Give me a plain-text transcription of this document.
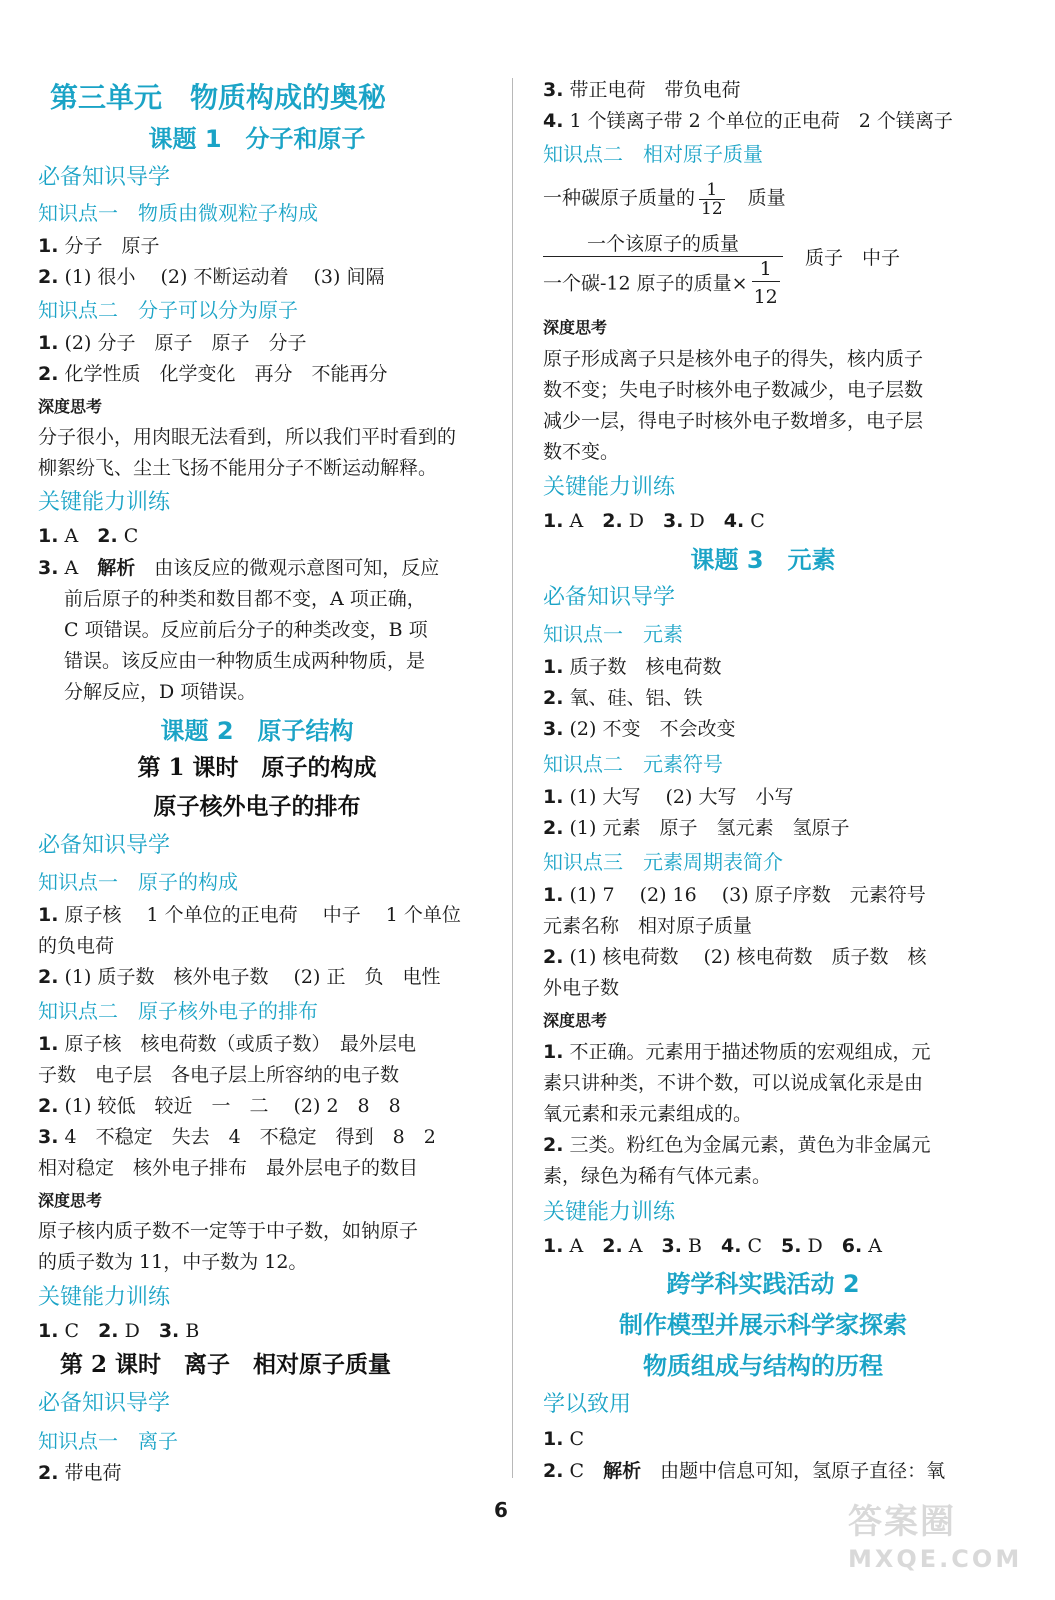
第三单元　物质构成的奥秘
课题 1　分子和原子
必备知识导学
知识点一　物质由微观粒子构成
1. 分子　原子
2. (1) 很小　 (2) 不断运动着　 (3) 间隔
知识点二　分子可以分为原子
1. (2) 分子　原子　原子　分子
2. 化学性质　化学变化　再分　不能再分
深度思考
分子很小，用肉眼无法看到，所以我们平时看到的
柳絮纷飞、尘土飞扬不能用分子不断运动解释。
关键能力训练
1. A　 2. C
3. A　 解析　 由该反应的微观示意图可知，反应
前后原子的种类和数目都不变，A 项正确，
C 项错误。反应前后分子的种类改变，B 项
错误。该反应由一种物质生成两种物质，是
分解反应，D 项错误。
课题 2　原子结构
第 1 课时　原子的构成
原子核外电子的排布
必备知识导学
知识点一　原子的构成
1. 原子核　 1 个单位的正电荷　 中子　 1 个单位
的负电荷
2. (1) 质子数　核外电子数　 (2) 正　负　电性
知识点二　原子核外电子的排布
1. 原子核　核电荷数（或质子数）　最外层电
子数　电子层　各电子层上所容纳的电子数
2. (1) 较低　较近　一　二　 (2) 2　8　8
3. 4　不稳定　失去　4　不稳定　得到　8　2
相对稳定　核外电子排布　最外层电子的数目
深度思考
原子核内质子数不一定等于中子数，如钠原子
的质子数为 11，中子数为 12。
关键能力训练
1. C　 2. D　 3. B
第 2 课时　离子　相对原子质量
必备知识导学
知识点一　离子
2. 带电荷
3. 带正电荷　带负电荷
4. 1 个镁离子带 2 个单位的正电荷　2 个镁离子
知识点二　相对原子质量
一种碳原子质量的 $\frac{1}{12}$
　 质量
一个该原子的质量
一个碳-12 原子的质量× $\frac{1}{12}$ 质子　中子
深度思考
原子形成离子只是核外电子的得失，核内质子
数不变；失电子时核外电子数减少，电子层数
减少一层，得电子时核外电子数增多，电子层
数不变。
关键能力训练
1. A　 2. D　 3. D　 4. C
课题 3　元素
必备知识导学
知识点一　元素
1. 质子数　核电荷数
2. 氧、硅、铝、铁
3. (2) 不变　不会改变
知识点二　元素符号
1. (1) 大写　 (2) 大写　小写
2. (1) 元素　原子　氢元素　氢原子
知识点三　元素周期表简介
1. (1) 7　 (2) 16　 (3) 原子序数　元素符号
元素名称　相对原子质量
2. (1) 核电荷数　 (2) 核电荷数　质子数　核
外电子数
深度思考
1. 不正确。元素用于描述物质的宏观组成，元
素只讲种类，不讲个数，可以说成氧化汞是由
氧元素和汞元素组成的。
2. 三类。粉红色为金属元素，黄色为非金属元
素，绿色为稀有气体元素。
关键能力训练
1. A　 2. A　 3. B　 4. C　 5. D　 6. A
跨学科实践活动 2
制作模型并展示科学家探索
物质组成与结构的历程
学以致用
1. C
2. C　 解析　 由题中信息可知，氢原子直径：氧
6	答案圈
MXQE.COM
